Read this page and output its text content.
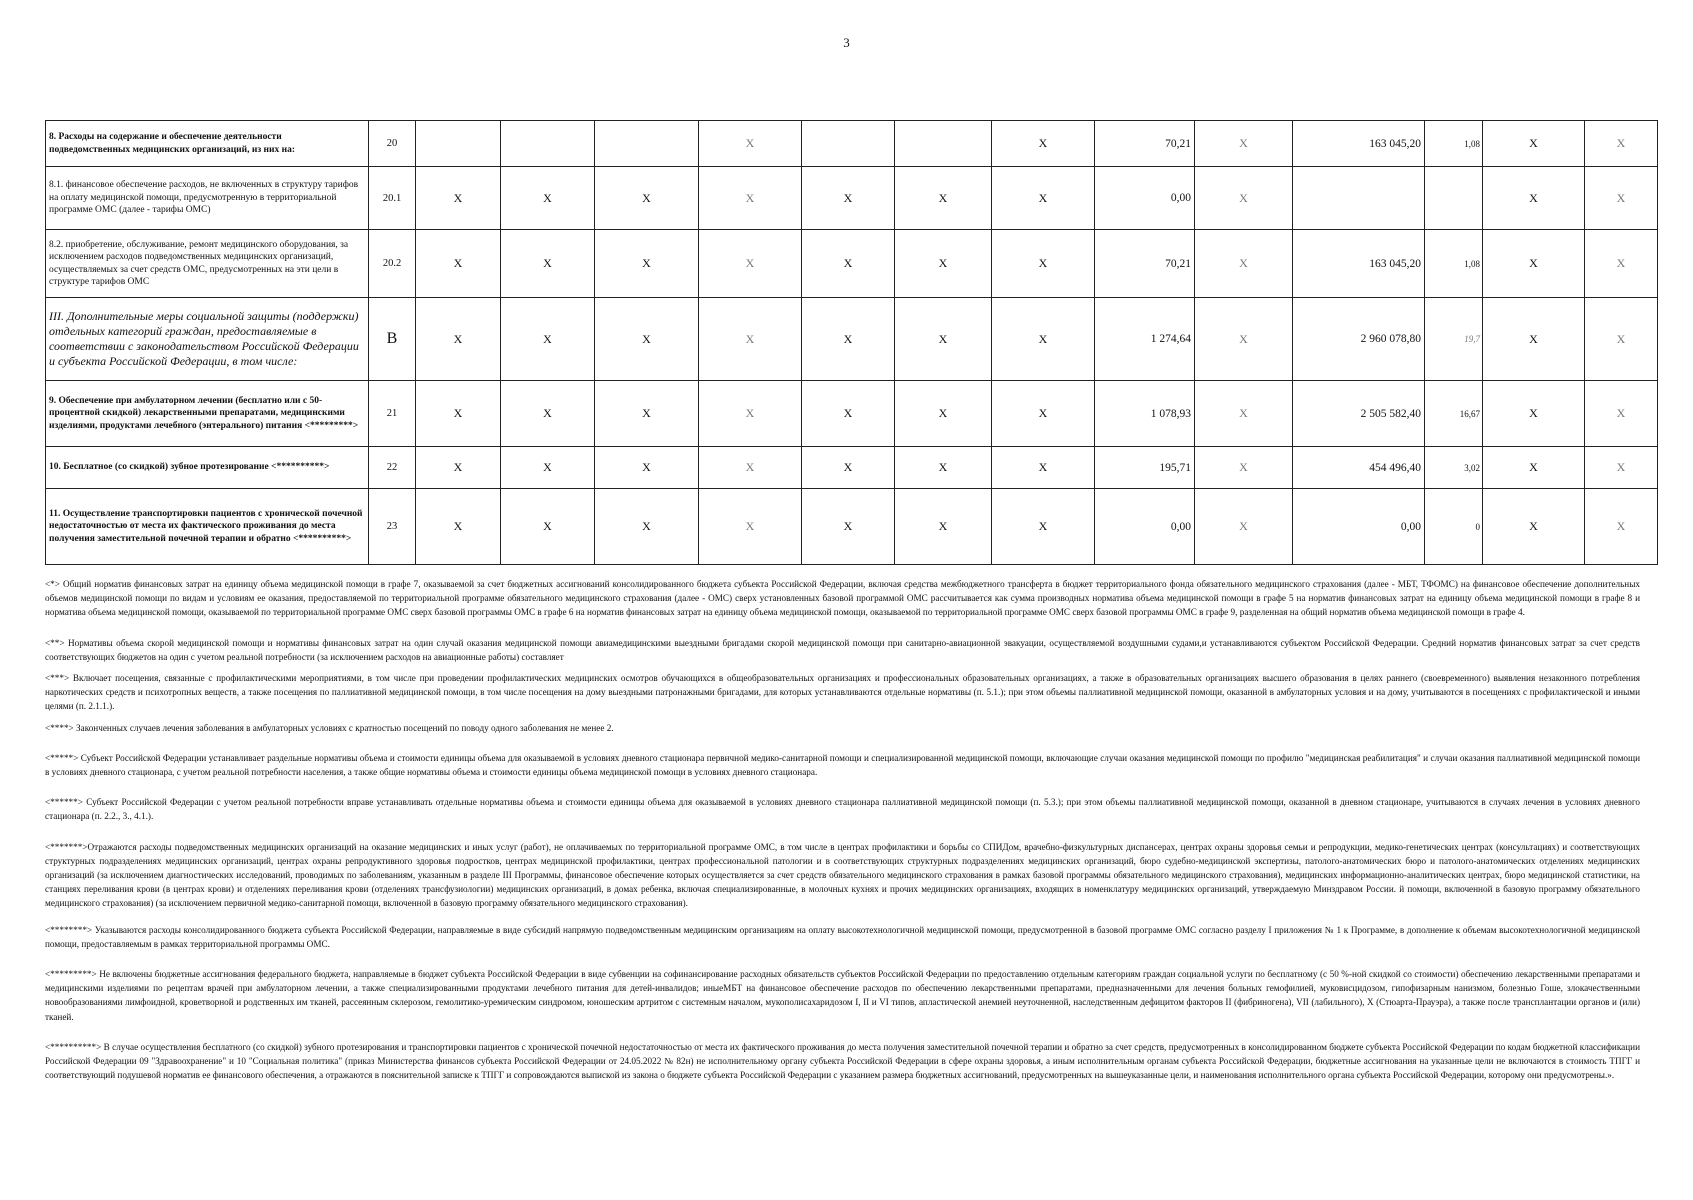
3
8. Расходы на содержание и обеспечение деятельности подведомственных медицинских организаций, из них на:	20				Х			Х	70,21	Х	163 045,20	1,08	Х	Х
8.1. финансовое обеспечение расходов, не включенных в структуру тарифов на оплату медицинской помощи, предусмотренную в территориальной программе ОМС (далее - тарифы ОМС)	20.1	Х	Х	Х	Х	Х	Х	Х	0,00	Х			Х	Х
8.2. приобретение, обслуживание, ремонт медицинского оборудования, за исключением расходов подведомственных медицинских организаций, осуществляемых за счет средств ОМС, предусмотренных на эти цели в структуре тарифов ОМС	20.2	Х	Х	Х	Х	Х	Х	Х	70,21	Х	163 045,20	1,08	Х	Х
III. Дополнительные меры социальной защиты (поддержки) отдельных категорий граждан, предоставляемые в соответствии с законодательством Российской Федерации и субъекта Российской Федерации, в том числе:	В	Х	Х	Х	Х	Х	Х	Х	1 274,64	Х	2 960 078,80	19,7	Х	Х
9. Обеспечение при амбулаторном лечении (бесплатно или с 50-процентной скидкой) лекарственными препаратами, медицинскими изделиями, продуктами лечебного (энтерального) питания <*********>	21	Х	Х	Х	Х	Х	Х	Х	1 078,93	Х	2 505 582,40	16,67	Х	Х
10. Бесплатное (со скидкой) зубное протезирование <**********>	22	Х	Х	Х	Х	Х	Х	Х	195,71	Х	454 496,40	3,02	Х	Х
11. Осуществление транспортировки пациентов с хронической почечной недостаточностью от места их фактического проживания до места получения заместительной почечной терапии и обратно <**********>	23	Х	Х	Х	Х	Х	Х	Х	0,00	Х	0,00	0	Х	Х

<*> Общий норматив финансовых затрат на единицу объема медицинской помощи в графе 7, оказываемой за счет бюджетных ассигнований консолидированного бюджета субъекта Российской Федерации, включая средства межбюджетного трансферта в бюджет территориального фонда обязательного медицинского страхования (далее - МБТ, ТФОМС) на финансовое обеспечение дополнительных объемов медицинской помощи по видам и условиям ее оказания, предоставляемой по территориальной программе обязательного медицинского страхования (далее - ОМС) сверх установленных базовой программой ОМС рассчитывается как сумма производных норматива объема медицинской помощи в графе 5 на норматив финансовых затрат на единицу объема медицинской помощи в графе 8 и норматива объема медицинской помощи, оказываемой по территориальной программе ОМС сверх базовой программы ОМС в графе 6 на норматив финансовых затрат на единицу объема медицинской помощи, оказываемой по территориальной программе ОМС сверх базовой программы ОМС в графе 9, разделенная на общий норматив объема медицинской помощи в графе 4.

<**> Нормативы объема скорой медицинской помощи и нормативы финансовых затрат на один случай оказания медицинской помощи авиамедицинскими выездными бригадами скорой медицинской помощи при санитарно-авиационной эвакуации, осуществляемой воздушными судами,и устанавливаются субъектом Российской Федерации. Средний норматив финансовых затрат за счет средств соответствующих бюджетов на один с учетом реальной потребности (за исключением расходов на авиационные работы) составляет

<***> Включает посещения, связанные с профилактическими мероприятиями, в том числе при проведении профилактических медицинских осмотров обучающихся в общеобразовательных организациях и профессиональных образовательных организациях, а также в образовательных организациях высшего образования в целях раннего (своевременного) выявления незаконного потребления наркотических средств и психотропных веществ, а также посещения по паллиативной медицинской помощи, в том числе посещения на дому выездными патронажными бригадами, для которых устанавливаются отдельные нормативы (п. 5.1.); при этом объемы паллиативной медицинской помощи, оказанной в амбулаторных условия и на дому, учитываются в посещениях с профилактической и иными целями (п. 2.1.1.).

<****> Законченных случаев лечения заболевания в амбулаторных условиях с кратностью посещений по поводу одного заболевания не менее 2.

<*****> Субъект Российской Федерации устанавливает раздельные нормативы объема и стоимости единицы объема для оказываемой в условиях дневного стационара первичной медико-санитарной помощи и специализированной медицинской помощи, включающие случаи оказания медицинской помощи по профилю "медицинская реабилитация" и случаи оказания паллиативной медицинской помощи в условиях дневного стационара, с учетом реальной потребности населения, а также общие нормативы объема и стоимости единицы объема медицинской помощи в условиях дневного стационара.

<******> Субъект Российской Федерации с учетом реальной потребности вправе устанавливать отдельные нормативы объема и стоимости единицы объема для оказываемой в условиях дневного стационара паллиативной медицинской помощи (п. 5.3.); при этом объемы паллиативной медицинской помощи, оказанной в дневном стационаре, учитываются в случаях лечения в условиях дневного стационара (п. 2.2., 3., 4.1.).

<*******>Отражаются расходы подведомственных медицинских организаций на оказание медицинских и иных услуг (работ), не оплачиваемых по территориальной программе ОМС, в том числе в центрах профилактики и борьбы со СПИДом, врачебно-физкультурных диспансерах, центрах охраны здоровья семьи и репродукции, медико-генетических центрах (консультациях) и соответствующих структурных подразделениях медицинских организаций, центрах охраны репродуктивного здоровья подростков, центрах медицинской профилактики, центрах профессиональной патологии и в соответствующих структурных подразделениях медицинских организаций, бюро судебно-медицинской экспертизы, патолого-анатомических бюро и патолого-анатомических отделениях медицинских организаций (за исключением диагностических исследований, проводимых по заболеваниям, указанным в разделе III Программы, финансовое обеспечение которых осуществляется за счет средств обязательного медицинского страхования в рамках базовой программы обязательного медицинского страхования), медицинских информационно-аналитических центрах, бюро медицинской статистики, на станциях переливания крови (в центрах крови) и отделениях переливания крови (отделениях трансфузиологии) медицинских организаций, в домах ребенка, включая специализированные, в молочных кухнях и прочих медицинских организациях, входящих в номенклатуру медицинских организаций, утверждаемую Минздравом России. й помощи, включенной в базовую программу обязательного медицинского страхования) (за исключением первичной медико-санитарной помощи, включенной в базовую программу обязательного медицинского страхования).

<********> Указываются расходы консолидированного бюджета субъекта Российской Федерации, направляемые в виде субсидий напрямую подведомственным медицинским организациям на оплату высокотехнологичной медицинской помощи, предусмотренной в базовой программе ОМС согласно разделу I приложения № 1 к Программе, в дополнение к объемам высокотехнологичной медицинской помощи, предоставляемым в рамках территориальной программы ОМС.

<*********> Не включены бюджетные ассигнования федерального бюджета, направляемые в бюджет субъекта Российской Федерации в виде субвенции на софинансирование расходных обязательств субъектов Российской Федерации по предоставлению отдельным категориям граждан социальной услуги по бесплатному (с 50 %-ной скидкой со стоимости) обеспечению лекарственными препаратами и медицинскими изделиями по рецептам врачей при амбулаторном лечении, а также специализированными продуктами лечебного питания для детей-инвалидов; иныеМБТ на финансовое обеспечение расходов по обеспечению лекарственными препаратами, предназначенными для лечения больных гемофилией, муковисцидозом, гипофизарным нанизмом, болезнью Гоше, злокачественными новообразованиями лимфоидной, кроветворной и родственных им тканей, рассеянным склерозом, гемолитико-уремическим синдромом, юношеским артритом с системным началом, мукополисахаридозом I, II и VI типов, апластической анемией неуточненной, наследственным дефицитом факторов II (фибриногена), VII (лабильного), X (Стюарта-Прауэра), а также после трансплантации органов и (или) тканей.

<**********> В случае осуществления бесплатного (со скидкой) зубного протезирования и транспортировки пациентов с хронической почечной недостаточностью от места их фактического проживания до места получения заместительной почечной терапии и обратно за счет средств, предусмотренных в консолидированном бюджете субъекта Российской Федерации по кодам бюджетной классификации Российской Федерации 09 "Здравоохранение" и 10 "Социальная политика" (приказ Министерства финансов субъекта Российской Федерации от 24.05.2022 № 82н) не исполнительному органу субъекта Российской Федерации в сфере охраны здоровья, а иным исполнительным органам субъекта Российской Федерации, бюджетные ассигнования на указанные цели не включаются в стоимость ТПГГ и соответствующий подушевой норматив ее финансового обеспечения, а отражаются в пояснительной записке к ТПГГ и сопровождаются выпиской из закона о бюджете субъекта Российской Федерации с указанием размера бюджетных ассигнований, предусмотренных на вышеуказанные цели, и наименования исполнительного органа субъекта Российской Федерации, которому они предусмотрены.».
